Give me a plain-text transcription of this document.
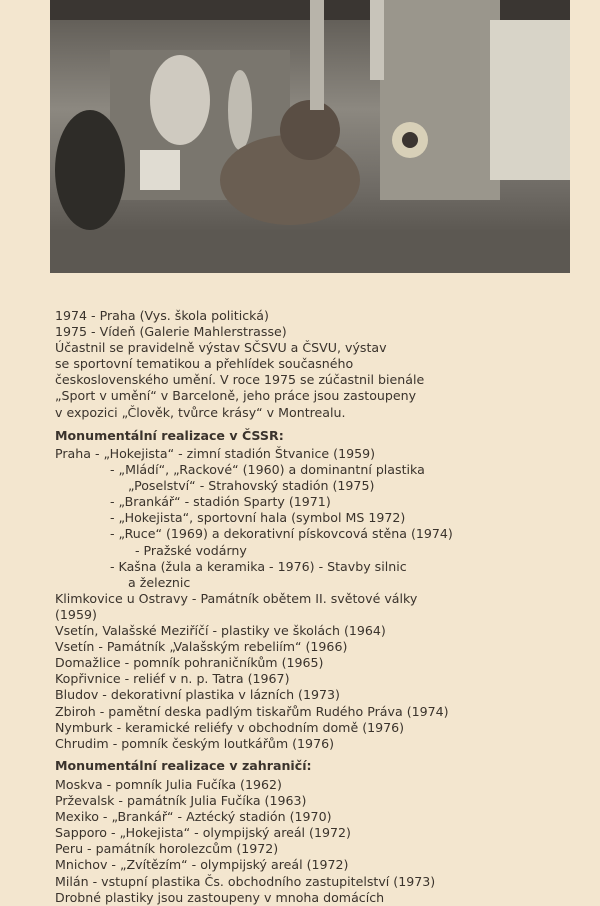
1974 - Praha (Vys. škola politická)
1975 - Vídeň (Galerie Mahlerstrasse)
Účastnil se pravidelně výstav SČSVU a ČSVU, výstav
se sportovní tematikou a přehlídek současného
československého umění. V roce 1975 se zúčastnil bienále
„Sport v umění“ v Barceloně, jeho práce jsou zastoupeny
v expozici „Člověk, tvůrce krásy“ v Montrealu.
Monumentální realizace v ČSSR:
Praha - „Hokejista“ - zimní stadión Štvanice (1959)
- „Mládí“, „Rackové“ (1960) a dominantní plastika
„Poselství“ - Strahovský stadión (1975)
- „Brankář“ - stadión Sparty (1971)
- „Hokejista“, sportovní hala (symbol MS 1972)
- „Ruce“ (1969) a dekorativní pískovcová stěna (1974)
- Pražské vodárny
- Kašna (žula a keramika - 1976) - Stavby silnic
a železnic
Klimkovice u Ostravy - Památník obětem II. světové války
(1959)
Vsetín, Valašské Meziříčí - plastiky ve školách (1964)
Vsetín - Památník „Valašským rebeliím“ (1966)
Domažlice - pomník pohraničníkům (1965)
Kopřivnice - reliéf v n. p. Tatra (1967)
Bludov - dekorativní plastika v lázních (1973)
Zbiroh - pamětní deska padlým tiskařům Rudého Práva (1974)
Nymburk - keramické reliéfy v obchodním domě (1976)
Chrudim - pomník českým loutkářům (1976)
Monumentální realizace v zahraničí:
Moskva - pomník Julia Fučíka (1962)
Prževalsk - památník Julia Fučíka (1963)
Mexiko - „Brankář“ - Aztécký stadión (1970)
Sapporo - „Hokejista“ - olympijský areál (1972)
Peru - památník horolezcům (1972)
Mnichov - „Zvítězím“ - olympijský areál (1972)
Milán - vstupní plastika Čs. obchodního zastupitelství (1973)
Drobné plastiky jsou zastoupeny v mnoha domácích
